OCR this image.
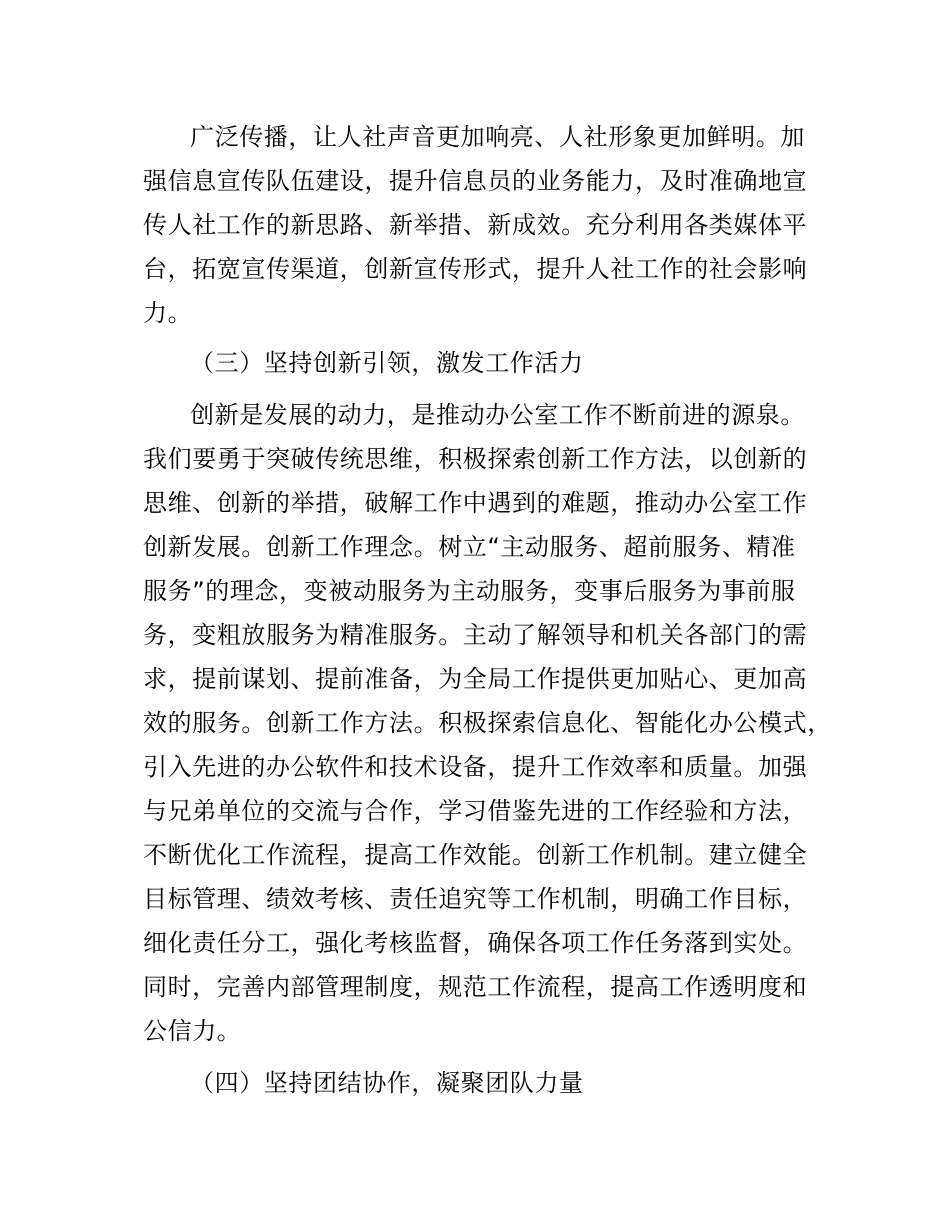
广泛传播，让人社声音更加响亮、人社形象更加鲜明。加
强信息宣传队伍建设，提升信息员的业务能力，及时准确地宣
传人社工作的新思路、新举措、新成效。充分利用各类媒体平
台，拓宽宣传渠道，创新宣传形式，提升人社工作的社会影响
力。
（三）坚持创新引领，激发工作活力
创新是发展的动力，是推动办公室工作不断前进的源泉。
我们要勇于突破传统思维，积极探索创新工作方法，以创新的
思维、创新的举措，破解工作中遇到的难题，推动办公室工作
创新发展。创新工作理念。树立“主动服务、超前服务、精准
服务”的理念，变被动服务为主动服务，变事后服务为事前服
务，变粗放服务为精准服务。主动了解领导和机关各部门的需
求，提前谋划、提前准备，为全局工作提供更加贴心、更加高
效的服务。创新工作方法。积极探索信息化、智能化办公模式，
引入先进的办公软件和技术设备，提升工作效率和质量。加强
与兄弟单位的交流与合作，学习借鉴先进的工作经验和方法，
不断优化工作流程，提高工作效能。创新工作机制。建立健全
目标管理、绩效考核、责任追究等工作机制，明确工作目标，
细化责任分工，强化考核监督，确保各项工作任务落到实处。
同时，完善内部管理制度，规范工作流程，提高工作透明度和
公信力。
（四）坚持团结协作，凝聚团队力量
